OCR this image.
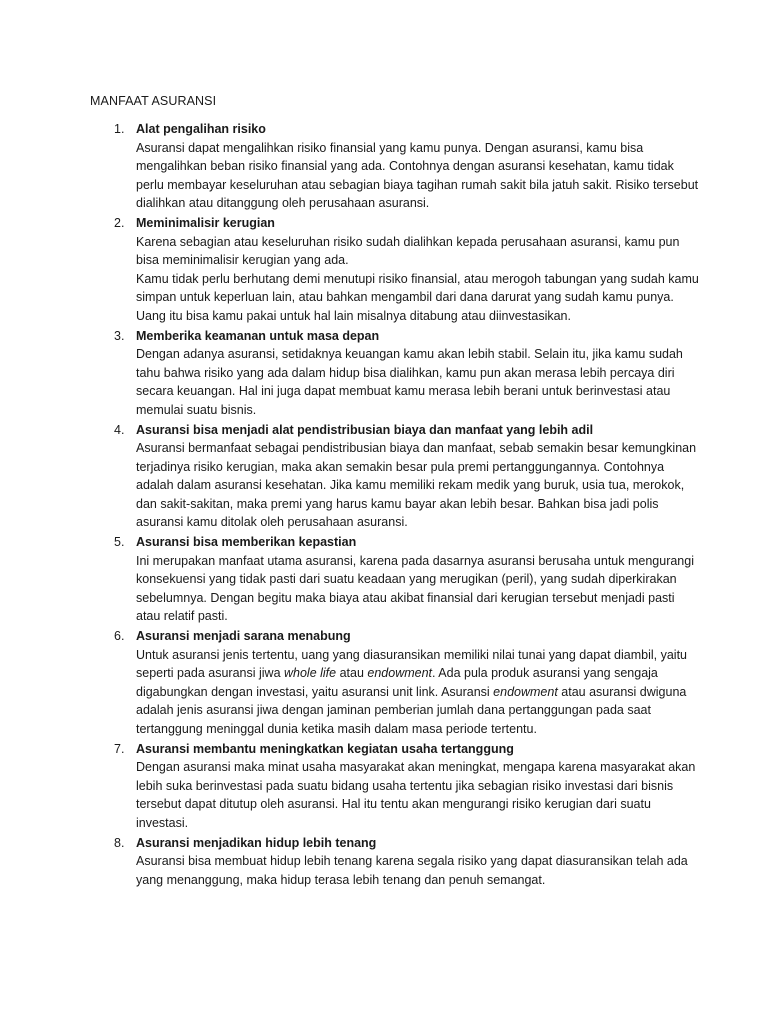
MANFAAT ASURANSI
1. Alat pengalihan risiko
Asuransi dapat mengalihkan risiko finansial yang kamu punya. Dengan asuransi, kamu bisa mengalihkan beban risiko finansial yang ada. Contohnya dengan asuransi kesehatan, kamu tidak perlu membayar keseluruhan atau sebagian biaya tagihan rumah sakit bila jatuh sakit. Risiko tersebut dialihkan atau ditanggung oleh perusahaan asuransi.
2. Meminimalisir kerugian
Karena sebagian atau keseluruhan risiko sudah dialihkan kepada perusahaan asuransi, kamu pun bisa meminimalisir kerugian yang ada.
Kamu tidak perlu berhutang demi menutupi risiko finansial, atau merogoh tabungan yang sudah kamu simpan untuk keperluan lain, atau bahkan mengambil dari dana darurat yang sudah kamu punya. Uang itu bisa kamu pakai untuk hal lain misalnya ditabung atau diinvestasikan.
3. Memberika keamanan untuk masa depan
Dengan adanya asuransi, setidaknya keuangan kamu akan lebih stabil. Selain itu, jika kamu sudah tahu bahwa risiko yang ada dalam hidup bisa dialihkan, kamu pun akan merasa lebih percaya diri secara keuangan. Hal ini juga dapat membuat kamu merasa lebih berani untuk berinvestasi atau memulai suatu bisnis.
4. Asuransi bisa menjadi alat pendistribusian biaya dan manfaat yang lebih adil
Asuransi bermanfaat sebagai pendistribusian biaya dan manfaat, sebab semakin besar kemungkinan terjadinya risiko kerugian, maka akan semakin besar pula premi pertanggungannya. Contohnya adalah dalam asuransi kesehatan. Jika kamu memiliki rekam medik yang buruk, usia tua, merokok, dan sakit-sakitan, maka premi yang harus kamu bayar akan lebih besar. Bahkan bisa jadi polis asuransi kamu ditolak oleh perusahaan asuransi.
5. Asuransi bisa memberikan kepastian
Ini merupakan manfaat utama asuransi, karena pada dasarnya asuransi berusaha untuk mengurangi konsekuensi yang tidak pasti dari suatu keadaan yang merugikan (peril), yang sudah diperkirakan sebelumnya. Dengan begitu maka biaya atau akibat finansial dari kerugian tersebut menjadi pasti atau relatif pasti.
6. Asuransi menjadi sarana menabung
Untuk asuransi jenis tertentu, uang yang diasuransikan memiliki nilai tunai yang dapat diambil, yaitu seperti pada asuransi jiwa whole life atau endowment. Ada pula produk asuransi yang sengaja digabungkan dengan investasi, yaitu asuransi unit link. Asuransi endowment atau asuransi dwiguna adalah jenis asuransi jiwa dengan jaminan pemberian jumlah dana pertanggungan pada saat tertanggung meninggal dunia ketika masih dalam masa periode tertentu.
7. Asuransi membantu meningkatkan kegiatan usaha tertanggung
Dengan asuransi maka minat usaha masyarakat akan meningkat, mengapa karena masyarakat akan lebih suka berinvestasi pada suatu bidang usaha tertentu jika sebagian risiko investasi dari bisnis tersebut dapat ditutup oleh asuransi. Hal itu tentu akan mengurangi risiko kerugian dari suatu investasi.
8. Asuransi menjadikan hidup lebih tenang
Asuransi bisa membuat hidup lebih tenang karena segala risiko yang dapat diasuransikan telah ada yang menanggung, maka hidup terasa lebih tenang dan penuh semangat.
